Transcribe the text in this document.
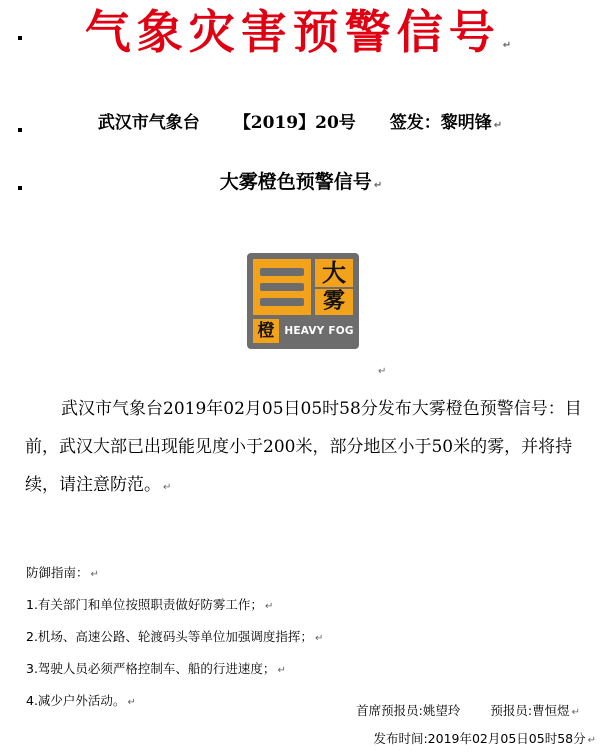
气象灾害预警信号 ↵
武汉市气象台 【2019】20号 签发：黎明锋 ↵
大雾橙色预警信号 ↵
大
雾
橙 HEAVY FOG
↵
武汉市气象台2019年02月05日05时58分发布大雾橙色预警信号：目前，武汉大部已出现能见度小于200米，部分地区小于50米的雾，并将持续，请注意防范。 ↵
防御指南： ↵
1.有关部门和单位按照职责做好防雾工作； ↵
2.机场、高速公路、轮渡码头等单位加强调度指挥； ↵
3.驾驶人员必须严格控制车、船的行进速度； ↵
4.减少户外活动。 ↵
首席预报员:姚望玲 预报员:曹恒煜 ↵
发布时间:2019年02月05日05时58分 ↵
